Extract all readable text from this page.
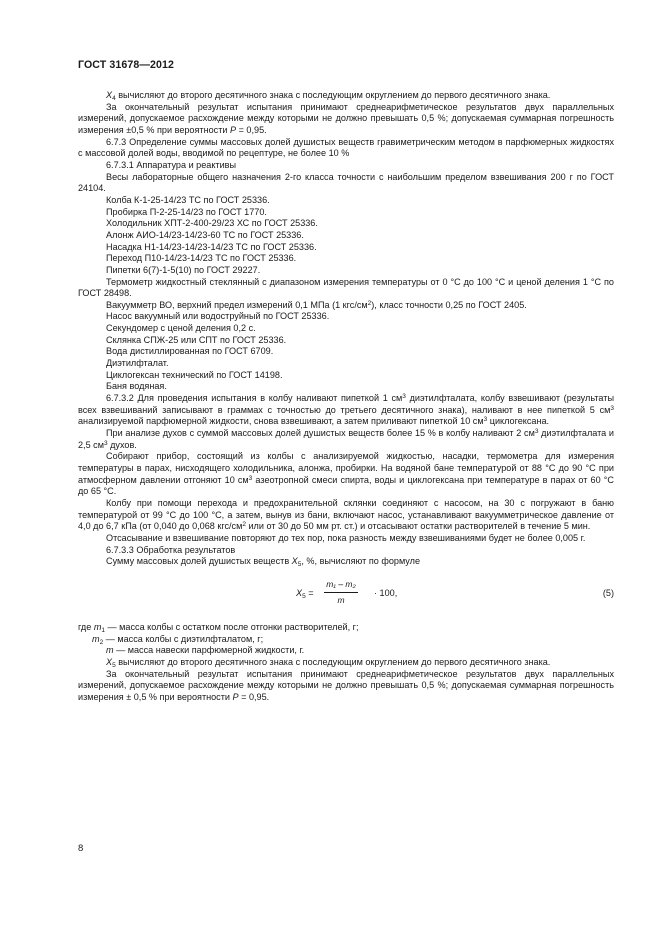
ГОСТ 31678—2012

$X_4$ вычисляют до второго десятичного знака с последующим округлением до первого десятичного знака.

За окончательный результат испытания принимают среднеарифметическое результатов двух параллельных измерений, допускаемое расхождение между которыми не должно превышать 0,5 %; допускаемая суммарная погрешность измерения ±0,5 % при вероятности P = 0,95.

6.7.3 Определение суммы массовых долей душистых веществ гравиметрическим методом в парфюмерных жидкостях с массовой долей воды, вводимой по рецептуре, не более 10 %

6.7.3.1 Аппаратура и реактивы

Весы лабораторные общего назначения 2-го класса точности с наибольшим пределом взвешивания 200 г по ГОСТ 24104.

Колба К-1-25-14/23 ТС по ГОСТ 25336.

Пробирка П-2-25-14/23 по ГОСТ 1770.

Холодильник ХПТ-2-400-29/23 ХС по ГОСТ 25336.

Алонж АИО-14/23-14/23-60 ТС по ГОСТ 25336.

Насадка Н1-14/23-14/23-14/23 ТС по ГОСТ 25336.

Переход П10-14/23-14/23 ТС по ГОСТ 25336.

Пипетки 6(7)-1-5(10) по ГОСТ 29227.

Термометр жидкостный стеклянный с диапазоном измерения температуры от 0 °С до 100 °С и ценой деления 1 °С по ГОСТ 28498.

Вакуумметр ВО, верхний предел измерений 0,1 МПа (1 кгс/$см^2$), класс точности 0,25 по ГОСТ 2405.

Насос вакуумный или водоструйный по ГОСТ 25336.

Секундомер с ценой деления 0,2 с.

Склянка СПЖ-25 или СПТ по ГОСТ 25336.

Вода дистиллированная по ГОСТ 6709.

Диэтилфталат.

Циклогексан технический по ГОСТ 14198.

Баня водяная.

6.7.3.2 Для проведения испытания в колбу наливают пипеткой 1 $см^3$ диэтилфталата, колбу взвешивают (результаты всех взвешиваний записывают в граммах с точностью до третьего десятичного знака), наливают в нее пипеткой 5 $см^3$ анализируемой парфюмерной жидкости, снова взвешивают, а затем приливают пипеткой 10 $см^3$ циклогексана.

При анализе духов с суммой массовых долей душистых веществ более 15 % в колбу наливают 2 $см^3$ диэтилфталата и 2,5 $см^3$ духов.

Собирают прибор, состоящий из колбы с анализируемой жидкостью, насадки, термометра для измерения температуры в парах, нисходящего холодильника, алонжа, пробирки. На водяной бане температурой от 88 °С до 90 °С при атмосферном давлении отгоняют 10 $см^3$ азеотропной смеси спирта, воды и циклогексана при температуре в парах от 60 °С до 65 °С.

Колбу при помощи перехода и предохранительной склянки соединяют с насосом, на 30 с погружают в баню температурой от 99 °С до 100 °С, а затем, вынув из бани, включают насос, устанавливают вакуумметрическое давление от 4,0 до 6,7 кПа (от 0,040 до 0,068 кгс/$см^2$ или от 30 до 50 мм рт. ст.) и отсасывают остатки растворителей в течение 5 мин.

Отсасывание и взвешивание повторяют до тех пор, пока разность между взвешиваниями будет не более 0,005 г.

6.7.3.3 Обработка результатов

Сумму массовых долей душистых веществ $X_5$, %, вычисляют по формуле

$X_5 = \frac{\text{m₁ – m₂}}{m} \cdot 100$,	(5)

где $m_1$ — масса колбы с остатком после отгонки растворителей, г;

$m_2$ — масса колбы с диэтилфталатом, г;

m — масса навески парфюмерной жидкости, г.

$X_5$ вычисляют до второго десятичного знака с последующим округлением до первого десятичного знака.

За окончательный результат испытания принимают среднеарифметическое результатов двух параллельных измерений, допускаемое расхождение между которыми не должно превышать 0,5 %; допускаемая суммарная погрешность измерения ± 0,5 % при вероятности P = 0,95.

8
